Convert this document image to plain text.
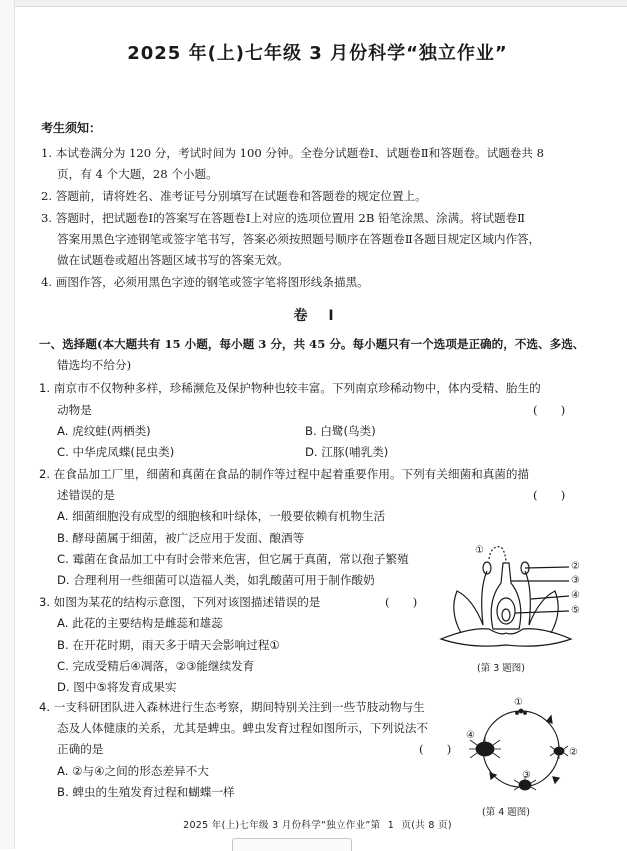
2025 年(上)七年级 3 月份科学“独立作业”
考生须知：
1. 本试卷满分为 120 分，考试时间为 100 分钟。全卷分试题卷Ⅰ、试题卷Ⅱ和答题卷。试题卷共 8
页，有 4 个大题，28 个小题。
2. 答题前，请将姓名、准考证号分别填写在试题卷和答题卷的规定位置上。
3. 答题时，把试题卷Ⅰ的答案写在答题卷Ⅰ上对应的选项位置用 2B 铅笔涂黑、涂满。将试题卷Ⅱ
答案用黑色字迹钢笔或签字笔书写，答案必须按照题号顺序在答题卷Ⅱ各题目规定区域内作答，
做在试题卷或超出答题区域书写的答案无效。
4. 画图作答，必须用黑色字迹的钢笔或签字笔将图形线条描黑。
卷 Ⅰ
一、选择题(本大题共有 15 小题，每小题 3 分，共 45 分。每小题只有一个选项是正确的，不选、多选、
错选均不给分)
1. 南京市不仅物种多样，珍稀濒危及保护物种也较丰富。下列南京珍稀动物中，体内受精、胎生的
动物是	(　　)
A. 虎纹蛙(两栖类)	B. 白鹭(鸟类)
C. 中华虎凤蝶(昆虫类)	D. 江豚(哺乳类)
2. 在食品加工厂里，细菌和真菌在食品的制作等过程中起着重要作用。下列有关细菌和真菌的描
述错误的是	(　　)
A. 细菌细胞没有成型的细胞核和叶绿体，一般要依赖有机物生活
B. 酵母菌属于细菌，被广泛应用于发面、酿酒等
C. 霉菌在食品加工中有时会带来危害，但它属于真菌，常以孢子繁殖
D. 合理利用一些细菌可以造福人类，如乳酸菌可用于制作酸奶
3. 如图为某花的结构示意图，下列对该图描述错误的是	(　　)
A. 此花的主要结构是雌蕊和雄蕊
B. 在开花时期，雨天多于晴天会影响过程①
C. 完成受精后④凋落，②③能继续发育
D. 图中⑤将发育成果实
①
②
③
④
⑤
(第 3 题图)
4. 一支科研团队进入森林进行生态考察，期间特别关注到一些节肢动物与生
态及人体健康的关系，尤其是蜱虫。蜱虫发育过程如图所示，下列说法不
正确的是	(　　)
A. ②与④之间的形态差异不大
B. 蜱虫的生殖发育过程和蝴蝶一样
①
②
③
④
(第 4 题图)
2025 年(上)七年级 3 月份科学“独立作业”第 1 页(共 8 页)
